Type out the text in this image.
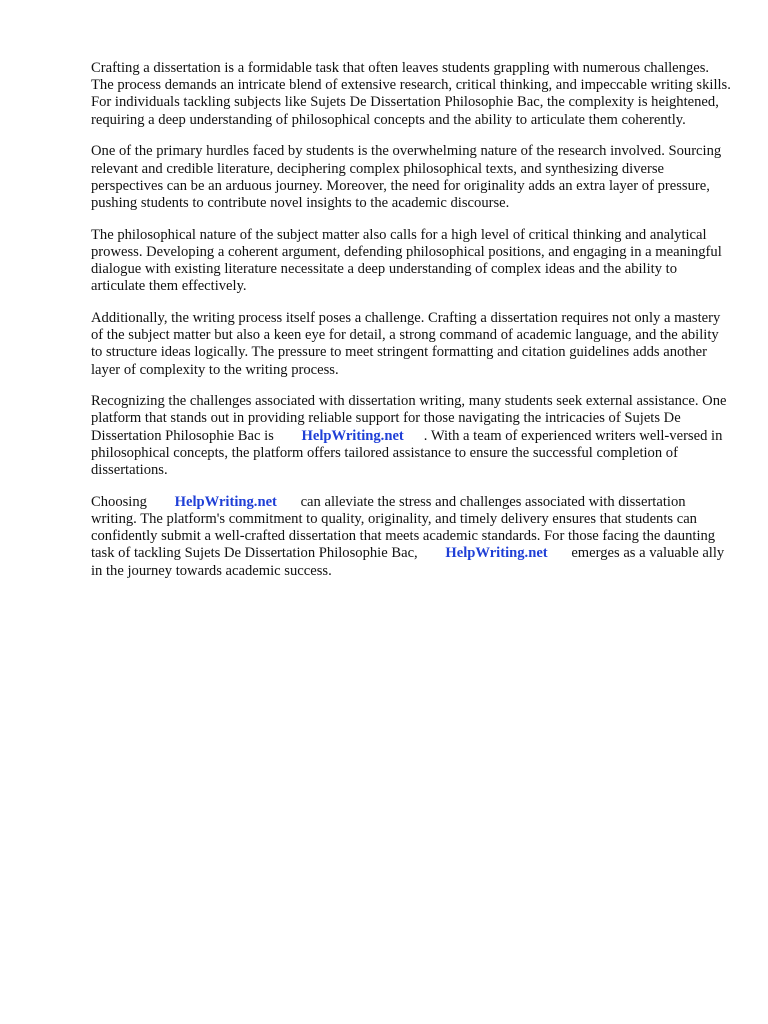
Crafting a dissertation is a formidable task that often leaves students grappling with numerous challenges. The process demands an intricate blend of extensive research, critical thinking, and impeccable writing skills. For individuals tackling subjects like Sujets De Dissertation Philosophie Bac, the complexity is heightened, requiring a deep understanding of philosophical concepts and the ability to articulate them coherently.

One of the primary hurdles faced by students is the overwhelming nature of the research involved. Sourcing relevant and credible literature, deciphering complex philosophical texts, and synthesizing diverse perspectives can be an arduous journey. Moreover, the need for originality adds an extra layer of pressure, pushing students to contribute novel insights to the academic discourse.

The philosophical nature of the subject matter also calls for a high level of critical thinking and analytical prowess. Developing a coherent argument, defending philosophical positions, and engaging in a meaningful dialogue with existing literature necessitate a deep understanding of complex ideas and the ability to articulate them effectively.

Additionally, the writing process itself poses a challenge. Crafting a dissertation requires not only a mastery of the subject matter but also a keen eye for detail, a strong command of academic language, and the ability to structure ideas logically. The pressure to meet stringent formatting and citation guidelines adds another layer of complexity to the writing process.

Recognizing the challenges associated with dissertation writing, many students seek external assistance. One platform that stands out in providing reliable support for those navigating the intricacies of Sujets De Dissertation Philosophie Bac is HelpWriting.net . With a team of experienced writers well-versed in philosophical concepts, the platform offers tailored assistance to ensure the successful completion of dissertations.

Choosing HelpWriting.net can alleviate the stress and challenges associated with dissertation writing. The platform's commitment to quality, originality, and timely delivery ensures that students can confidently submit a well-crafted dissertation that meets academic standards. For those facing the daunting task of tackling Sujets De Dissertation Philosophie Bac, HelpWriting.net emerges as a valuable ally in the journey towards academic success.
